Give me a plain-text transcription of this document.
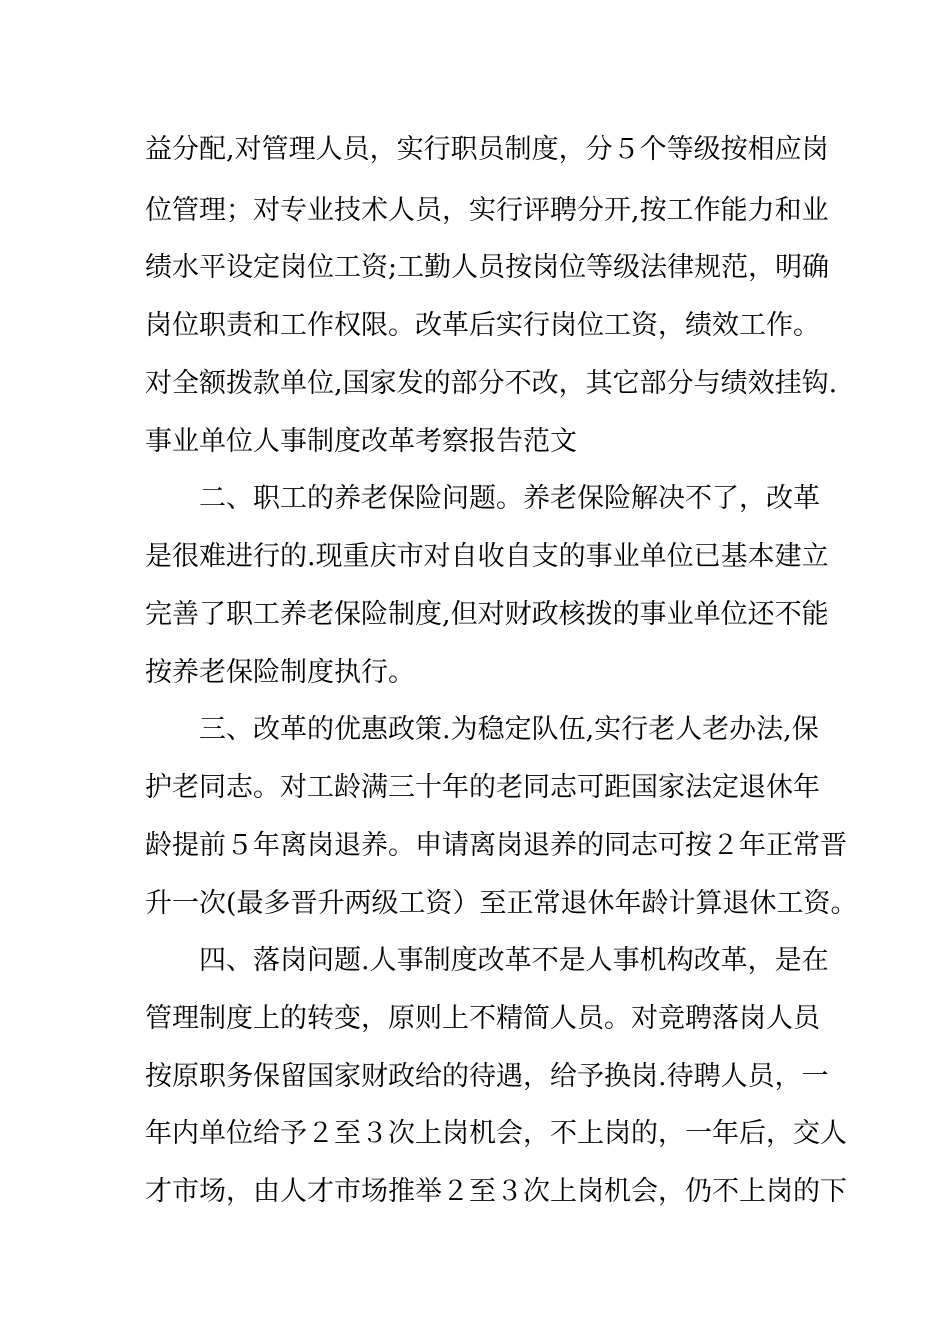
益分配,对管理人员，实行职员制度，分５个等级按相应岗
位管理；对专业技术人员，实行评聘分开,按工作能力和业
绩水平设定岗位工资;工勤人员按岗位等级法律规范，明确
岗位职责和工作权限。改革后实行岗位工资，绩效工作。
对全额拨款单位,国家发的部分不改，其它部分与绩效挂钩.
事业单位人事制度改革考察报告范文
二、职工的养老保险问题。养老保险解决不了，改革
是很难进行的.现重庆市对自收自支的事业单位已基本建立
完善了职工养老保险制度,但对财政核拨的事业单位还不能
按养老保险制度执行。
三、改革的优惠政策.为稳定队伍,实行老人老办法,保
护老同志。对工龄满三十年的老同志可距国家法定退休年
龄提前５年离岗退养。申请离岗退养的同志可按２年正常晋
升一次(最多晋升两级工资）至正常退休年龄计算退休工资。
四、落岗问题.人事制度改革不是人事机构改革，是在
管理制度上的转变，原则上不精简人员。对竞聘落岗人员
按原职务保留国家财政给的待遇，给予换岗.待聘人员，一
年内单位给予２至３次上岗机会，不上岗的，一年后，交人
才市场，由人才市场推举２至３次上岗机会，仍不上岗的下
